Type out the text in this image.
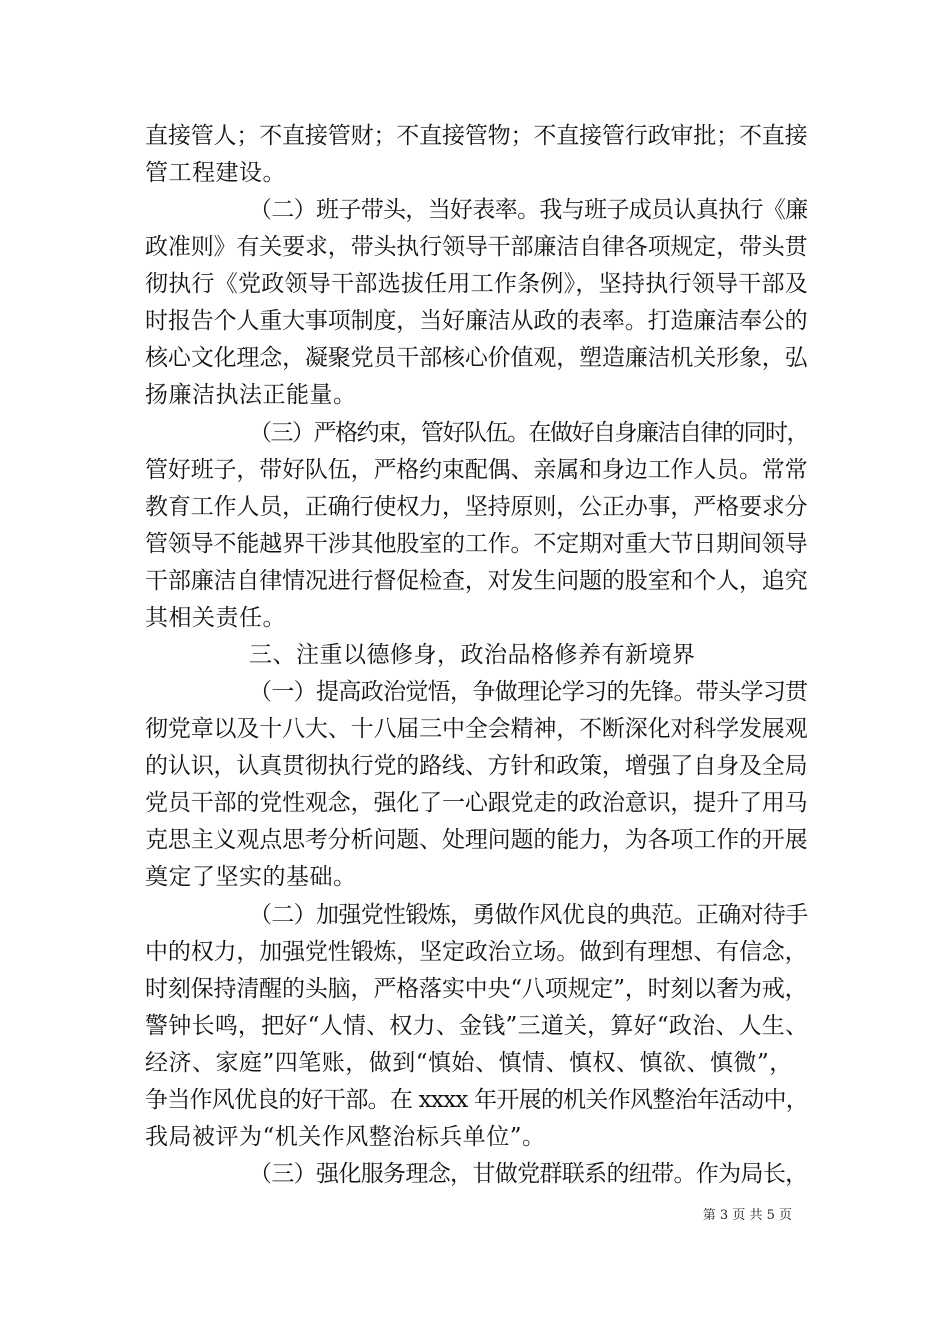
直接管人；不直接管财；不直接管物；不直接管行政审批；不直接
管工程建设。
（二）班子带头，当好表率。我与班子成员认真执行《廉
政准则》有关要求，带头执行领导干部廉洁自律各项规定，带头贯
彻执行《党政领导干部选拔任用工作条例》，坚持执行领导干部及
时报告个人重大事项制度，当好廉洁从政的表率。打造廉洁奉公的
核心文化理念，凝聚党员干部核心价值观，塑造廉洁机关形象，弘
扬廉洁执法正能量。
（三）严格约束，管好队伍。在做好自身廉洁自律的同时，
管好班子，带好队伍，严格约束配偶、亲属和身边工作人员。常常
教育工作人员，正确行使权力，坚持原则，公正办事，严格要求分
管领导不能越界干涉其他股室的工作。不定期对重大节日期间领导
干部廉洁自律情况进行督促检查，对发生问题的股室和个人，追究
其相关责任。
三、注重以德修身，政治品格修养有新境界
（一）提高政治觉悟，争做理论学习的先锋。带头学习贯
彻党章以及十八大、十八届三中全会精神，不断深化对科学发展观
的认识，认真贯彻执行党的路线、方针和政策，增强了自身及全局
党员干部的党性观念，强化了一心跟党走的政治意识，提升了用马
克思主义观点思考分析问题、处理问题的能力，为各项工作的开展
奠定了坚实的基础。
（二）加强党性锻炼，勇做作风优良的典范。正确对待手
中的权力，加强党性锻炼，坚定政治立场。做到有理想、有信念，
时刻保持清醒的头脑，严格落实中央“八项规定”，时刻以奢为戒，
警钟长鸣，把好“人情、权力、金钱”三道关，算好“政治、人生、
经济、家庭”四笔账，做到“慎始、慎情、慎权、慎欲、慎微”，
争当作风优良的好干部。在 xxxx 年开展的机关作风整治年活动中，
我局被评为“机关作风整治标兵单位”。
（三）强化服务理念，甘做党群联系的纽带。作为局长，
第 3 页 共 5 页
